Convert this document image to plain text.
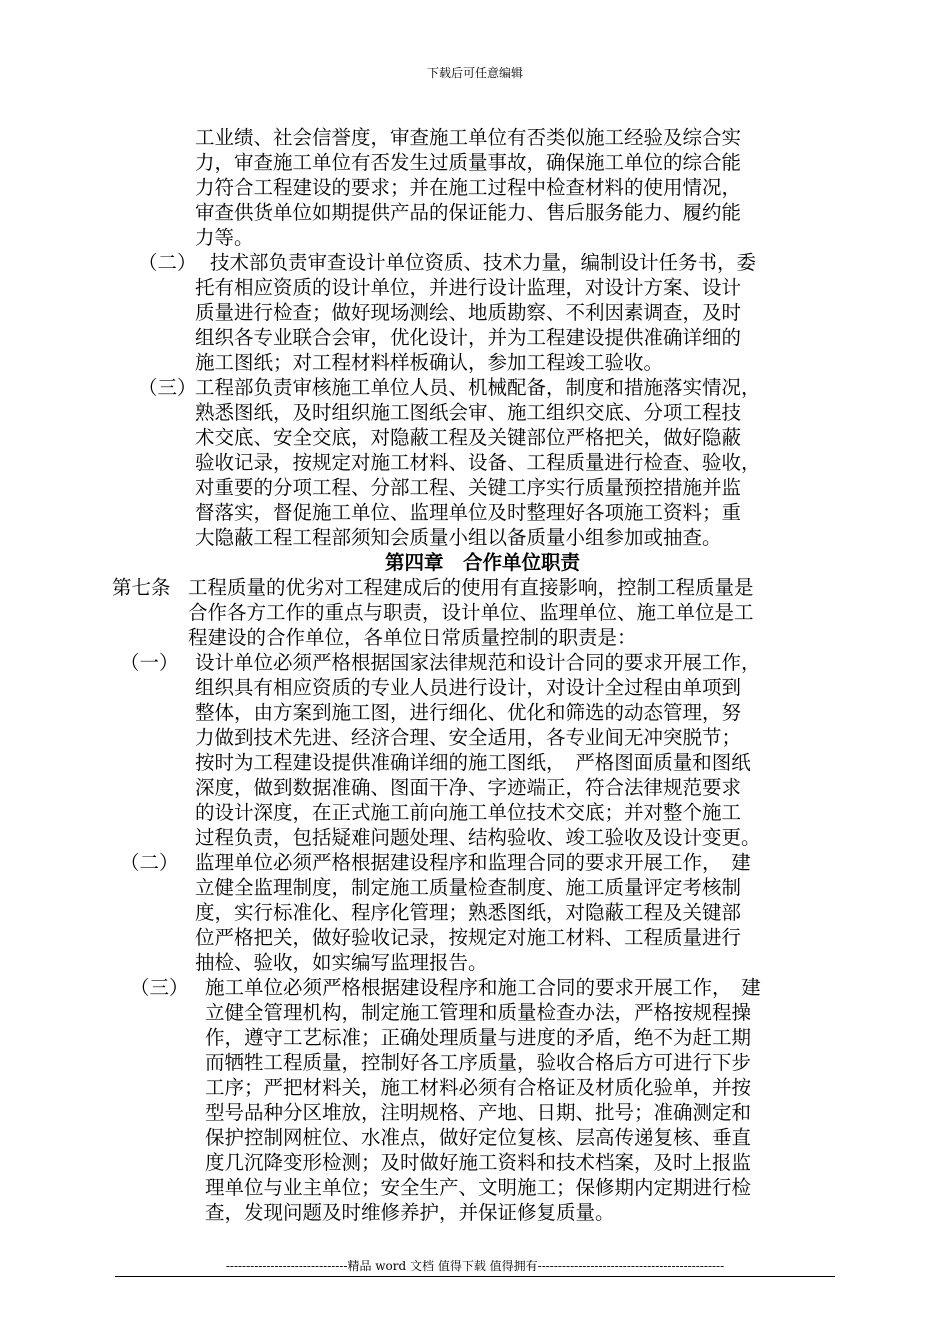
下载后可任意编辑
工业绩、社会信誉度，审查施工单位有否类似施工经验及综合实
力，审查施工单位有否发生过质量事故，确保施工单位的综合能
力符合工程建设的要求；并在施工过程中检查材料的使用情况，
审查供货单位如期提供产品的保证能力、售后服务能力、履约能
力等。
（二） 技术部负责审查设计单位资质、技术力量，编制设计任务书，委
托有相应资质的设计单位，并进行设计监理，对设计方案、设计
质量进行检查；做好现场测绘、地质勘察、不利因素调查，及时
组织各专业联合会审，优化设计，并为工程建设提供准确详细的
施工图纸；对工程材料样板确认，参加工程竣工验收。
（三）
工程部负责审核施工单位人员、机械配备，制度和措施落实情况，
熟悉图纸，及时组织施工图纸会审、施工组织交底、分项工程技
术交底、安全交底，对隐蔽工程及关键部位严格把关，做好隐蔽
验收记录，按规定对施工材料、设备、工程质量进行检查、验收，
对重要的分项工程、分部工程、关键工序实行质量预控措施并监
督落实，督促施工单位、监理单位及时整理好各项施工资料；重
大隐蔽工程工程部须知会质量小组以备质量小组参加或抽查。
第四章　合作单位职责
第七条 工程质量的优劣对工程建成后的使用有直接影响，控制工程质量是
合作各方工作的重点与职责，设计单位、监理单位、施工单位是工
程建设的合作单位，各单位日常质量控制的职责是：
（一） 设计单位必须严格根据国家法律规范和设计合同的要求开展工作，
组织具有相应资质的专业人员进行设计，对设计全过程由单项到
整体，由方案到施工图，进行细化、优化和筛选的动态管理，努
力做到技术先进、经济合理、安全适用，各专业间无冲突脱节；
按时为工程建设提供准确详细的施工图纸，　严格图面质量和图纸
深度，做到数据准确、图面干净、字迹端正，符合法律规范要求
的设计深度，在正式施工前向施工单位技术交底；并对整个施工
过程负责，包括疑难问题处理、结构验收、竣工验收及设计变更。
（二） 监理单位必须严格根据建设程序和监理合同的要求开展工作，　建
立健全监理制度，制定施工质量检查制度、施工质量评定考核制
度，实行标准化、程序化管理；熟悉图纸，对隐蔽工程及关键部
位严格把关，做好验收记录，按规定对施工材料、工程质量进行
抽检、验收，如实编写监理报告。
（三） 施工单位必须严格根据建设程序和施工合同的要求开展工作，　建
立健全管理机构，制定施工管理和质量检查办法，严格按规程操
作，遵守工艺标准；正确处理质量与进度的矛盾，绝不为赶工期
而牺牲工程质量，控制好各工序质量，验收合格后方可进行下步
工序；严把材料关，施工材料必须有合格证及材质化验单，并按
型号品种分区堆放，注明规格、产地、日期、批号；准确测定和
保护控制网桩位、水准点，做好定位复核、层高传递复核、垂直
度几沉降变形检测；及时做好施工资料和技术档案，及时上报监
理单位与业主单位；安全生产、文明施工；保修期内定期进行检
查，发现问题及时维修养护，并保证修复质量。
------------------------------精品 word 文档 值得下载 值得拥有----------------------------------------------
